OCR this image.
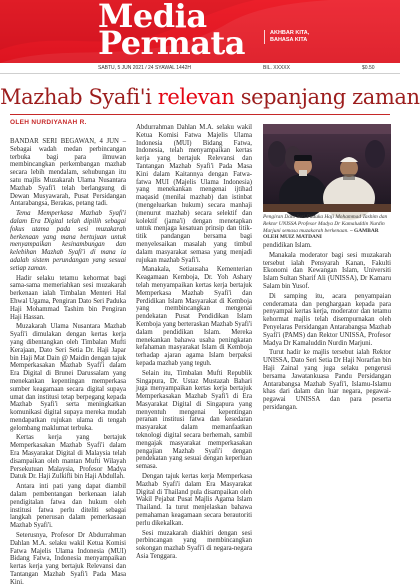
Media
Permata	AKHBAR KITA,
BAHASA KITA
SABTU, 5 JUN 2021 / 24 SYAWAL 1442H	BIL. XXXXX	$0.50
Mazhab Syafi'i relevan sepanjang zaman
OLEH NURDIYANAH R.

BANDAR SERI BEGAWAN, 4 JUN – Sebagai wadah medan perbincangan terbuka bagi para ilmuwan membincangkan perkembangan mazhab secara lebih mendalam, sehubungan itu satu majlis Muzakarah Ulama Nusantara Mazhab Syafi'i telah berlangsung di Dewan Musyawarah, Pusat Persidangan Antarabangsa, Berakas, petang tadi.

Tema Memperkasa Mazhab Syafi'i dalam Era Digital telah dipilih sebagai fokus utama pada sesi muzakarah berkenaan yang mana bertujuan untuk menyampaikan kesinambungan dan kelebihan Mazhab Syafi'i di mana ia adalah sistem perundangan yang sesuai setiap zaman.

Hadir selaku tetamu kehormat bagi sama-sama memeriahkan sesi muzakarah berkenaan ialah Timbalan Menteri Hal Ehwal Ugama, Pengiran Dato Seri Paduka Haji Mohammad Tashim bin Pengiran Haji Hassan.

Muzakarah Ulama Nusantara Mazhab Syafi'i dimulakan dengan kertas kerja yang dibentangkan oleh Timbalan Mufti Kerajaan, Dato Seri Setia Dr. Haji Japar bin Haji Mat Dain @ Maidin dengan tajuk Memperkasakan Mazhab Syafi'i dalam Era Digital di Brunei Darussalam yang menekankan kepentingan memperkasa sumber keagamaan secara digital supaya umat dan institusi tetap berpegang kepada Mazhab Syafi'i serta meningkatkan komunikasi digital supaya mereka mudah mendapatkan rujukan ulama di tengah gelombang maklumat terbuka.

Kertas kerja yang bertajuk Memperkasakan Mazhab Syafi'i dalam Era Masyarakat Digital di Malaysia telah disampaikan oleh mantan Mufti Wilayah Persekutuan Malaysia, Profesor Madya Datuk Dr. Haji Zulkifli bin Haji Abdullah.

Antara inti pati yang dapat diambil dalam pembentangan berkenaan ialah pendigitalan fatwa dan hukum oleh institusi fatwa perlu diteliti sebagai langkah penerusan dalam pemerkasaan Mazhab Syafi'i.

Seterusnya, Profesor Dr Abdurrahman Dahlan M.A. selaku wakil Ketua Komisi Fatwa Majelis Ulama Indonesia (MUI) Bidang Fatwa, Indonesia menyampaikan kertas kerja yang bertajuk Relevansi dan Tantangan Mazhab Syafi'i Pada Masa Kini.

Abdurrahman Dahlan M.A. selaku wakil Ketua Komisi Fatwa Majelis Ulama Indonesia (MUI) Bidang Fatwa, Indonesia, telah menyampaikan kertas kerja yang bertajuk Relevansi dan Tantangan Mazhab Syafi'i Pada Masa Kini dalam Kaitannya dengan Fatwa-fatwa MUI (Majelis Ulama Indonesia) yang menekankan mengenai ijtihad maqasid (menilai mazhab) dan istinbat (mengeluarkan hukum) secara manhaji (menurut mazhab) secara selektif dan kolektif (jama'i) dengan menetapkan untuk menjaga kesatuan prinsip dan titik-titik pandangan bersama bagi menyelesaikan masalah yang timbul dalam masyarakat semasa yang menjadi rujukan mazhab Syafi'i.

Manakala, Setiausaha Kementerian Keagamaan Kemboja, Dr. Yoh Ashary telah menyampaikan kertas kerja bertajuk Memperkasa Mazhab Syafi'i dan Perdidikan Islam Masyarakat di Kemboja yang membincangkan mengenai pendekatan Pusat Pendidikan Islam Kemboja yang berteraskan Mazhab Syafi'i dalam pendidikan Islam. Mereka menekankan bahawa usaha peningkatan kefahaman masyarakat Islam di Kemboja terhadap ajaran agama Islam berpaksi kepada mazhab yang teguh.

Selain itu, Timbalan Mufti Republik Singapura, Dr. Ustaz Mustazah Bahari juga menyampaikan kertas kerja bertajuk Memperkasakan Mazhab Syafi'i di Era Masyarakat Digital di Singapura yang menyentuh mengenai kepentingan peranan institusi fatwa dan kesedaran masyarakat dalam memanfaatkan teknologi digital secara berhemah, sambil mengajak masyarakat memperkasakan pengajian Mazhab Syafi'i dengan pendekatan yang sesuai dengan keperluan semasa.

Dengan tajuk kertas kerja Memperkasa Mazhab Syafi'i dalam Era Masyarakat Digital di Thailand pula disampaikan oleh Wakil Pejabat Pusat Majlis Agama Islam Thailand. Ia turut menjelaskan bahawa pemahaman keagamaan secara berautoriti perlu dikekalkan.

Sesi muzakarah diakhiri dengan sesi perbincangan yang membincangkan sokongan mazhab Syafi'i di negara-negara Asia Tenggara.

Pengiran Dato Seri Paduka Haji Mohammad Tashim dan Rektor UNISSA Profesor Madya Dr Kamaluddin Nurdin Marjuni semasa muzakarah berkenaan. – GAMBAR OLEH MUIZ MATDANI

pendidikan Islam.

Manakala moderator bagi sesi muzakarah tersebut ialah Pensyarah Kanan, Fakulti Ekonomi dan Kewangan Islam, Universiti Islam Sultan Sharif Ali (UNISSA), Dr Kamaru Salam bin Yusof.

Di samping itu, acara penyampaian cenderamata dan penghargaan kepada para penyampai kertas kerja, moderator dan tetamu kehormat majlis telah disempurnakan oleh Penyelaras Persidangan Antarabangsa Mazhab Syafi'i (PAMS) dan Rektor UNISSA, Profesor Madya Dr Kamaluddin Nurdin Marjuni.

Turut hadir ke majlis tersebut ialah Rektor UNISSA, Dato Seri Setia Dr Haji Norarfan bin Haji Zainal yang juga selaku pengerusi bersama Jawatankuasa Pandu Persidangan Antarabangsa Mazhab Syafi'i, Islamu-Islamu khas dari dalam dan luar negara, pegawai-pegawai UNISSA dan para peserta persidangan.
